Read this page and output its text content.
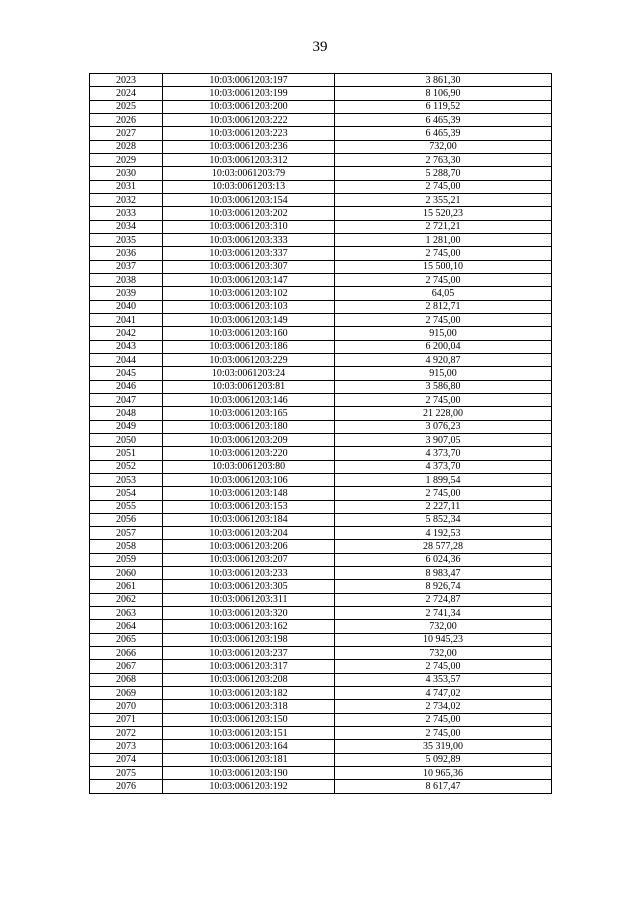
39
2023	10:03:0061203:197	3 861,30
2024	10:03:0061203:199	8 106,90
2025	10:03:0061203:200	6 119,52
2026	10:03:0061203:222	6 465,39
2027	10:03:0061203:223	6 465,39
2028	10:03:0061203:236	732,00
2029	10:03:0061203:312	2 763,30
2030	10:03:0061203:79	5 288,70
2031	10:03:0061203:13	2 745,00
2032	10:03:0061203:154	2 355,21
2033	10:03:0061203:202	15 520,23
2034	10:03:0061203:310	2 721,21
2035	10:03:0061203:333	1 281,00
2036	10:03:0061203:337	2 745,00
2037	10:03:0061203:307	15 500,10
2038	10:03:0061203:147	2 745,00
2039	10:03:0061203:102	64,05
2040	10:03:0061203:103	2 812,71
2041	10:03:0061203:149	2 745,00
2042	10:03:0061203:160	915,00
2043	10:03:0061203:186	6 200,04
2044	10:03:0061203:229	4 920,87
2045	10:03:0061203:24	915,00
2046	10:03:0061203:81	3 586,80
2047	10:03:0061203:146	2 745,00
2048	10:03:0061203:165	21 228,00
2049	10:03:0061203:180	3 076,23
2050	10:03:0061203:209	3 907,05
2051	10:03:0061203:220	4 373,70
2052	10:03:0061203:80	4 373,70
2053	10:03:0061203:106	1 899,54
2054	10:03:0061203:148	2 745,00
2055	10:03:0061203:153	2 227,11
2056	10:03:0061203:184	5 852,34
2057	10:03:0061203:204	4 192,53
2058	10:03:0061203:206	28 577,28
2059	10:03:0061203:207	6 024,36
2060	10:03:0061203:233	8 983,47
2061	10:03:0061203:305	8 926,74
2062	10:03:0061203:311	2 724,87
2063	10:03:0061203:320	2 741,34
2064	10:03:0061203:162	732,00
2065	10:03:0061203:198	10 945,23
2066	10:03:0061203:237	732,00
2067	10:03:0061203:317	2 745,00
2068	10:03:0061203:208	4 353,57
2069	10:03:0061203:182	4 747,02
2070	10:03:0061203:318	2 734,02
2071	10:03:0061203:150	2 745,00
2072	10:03:0061203:151	2 745,00
2073	10:03:0061203:164	35 319,00
2074	10:03:0061203:181	5 092,89
2075	10:03:0061203:190	10 965,36
2076	10:03:0061203:192	8 617,47
